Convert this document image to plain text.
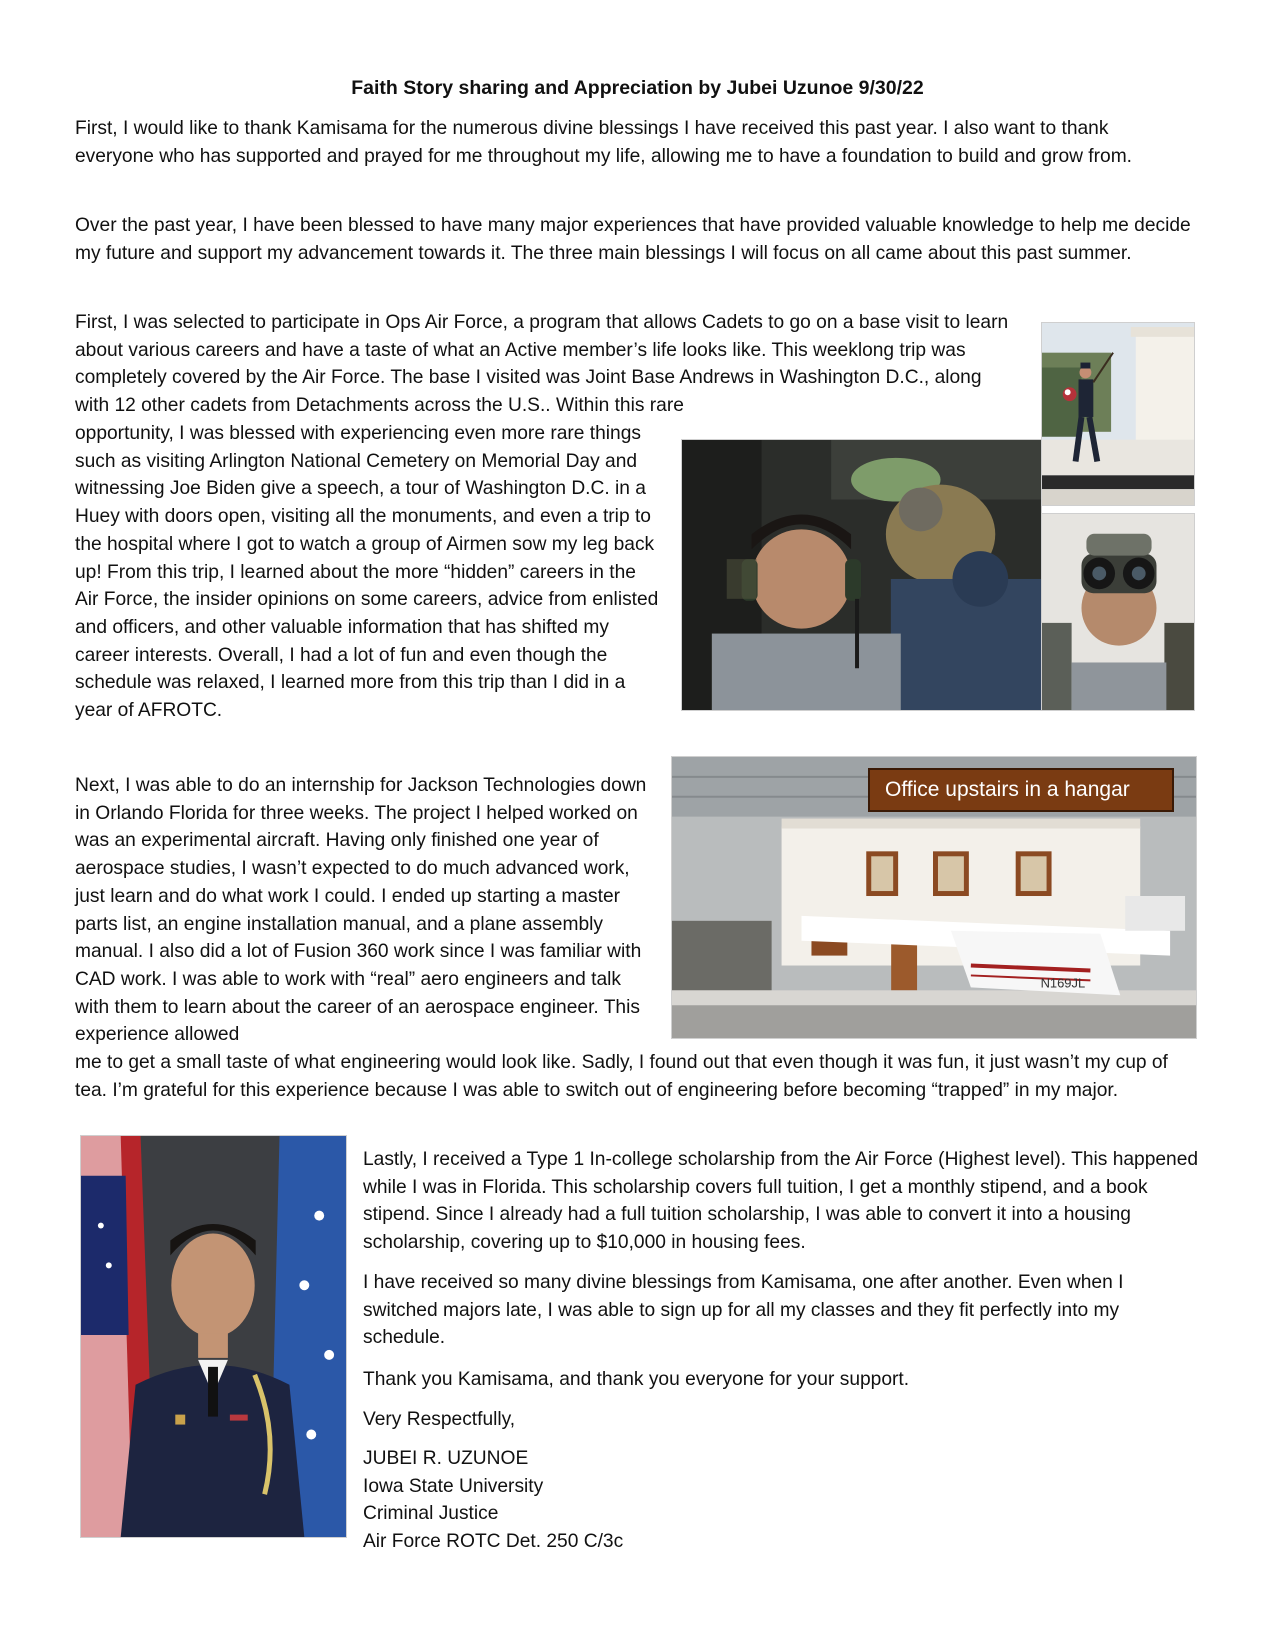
Faith Story sharing and Appreciation by Jubei Uzunoe 9/30/22

First, I would like to thank Kamisama for the numerous divine blessings I have received this past year. I also want to thank everyone who has supported and prayed for me throughout my life, allowing me to have a foundation to build and grow from.

Over the past year, I have been blessed to have many major experiences that have provided valuable knowledge to help me decide my future and support my advancement towards it. The three main blessings I will focus on all came about this past summer.

First, I was selected to participate in Ops Air Force, a program that allows Cadets to go on a base visit to learn about various careers and have a taste of what an Active member’s life looks like. This weeklong trip was completely covered by the Air Force. The base I visited was Joint Base Andrews in Washington D.C., along with 12 other cadets from Detachments across the U.S.. Within this rare

opportunity, I was blessed with experiencing even more rare things such as visiting Arlington National Cemetery on Memorial Day and witnessing Joe Biden give a speech, a tour of Washington D.C. in a Huey with doors open, visiting all the monuments, and even a trip to the hospital where I got to watch a group of Airmen sow my leg back up! From this trip, I learned about the more “hidden” careers in the Air Force, the insider opinions on some careers, advice from enlisted and officers, and other valuable information that has shifted my career interests. Overall, I had a lot of fun and even though the schedule was relaxed, I learned more from this trip than I did in a year of AFROTC.

Next, I was able to do an internship for Jackson Technologies down in Orlando Florida for three weeks. The project I helped worked on was an experimental aircraft. Having only finished one year of aerospace studies, I wasn’t expected to do much advanced work, just learn and do what work I could. I ended up starting a master parts list, an engine installation manual, and a plane assembly manual. I also did a lot of Fusion 360 work since I was familiar with CAD work. I was able to work with “real” aero engineers and talk with them to learn about the career of an aerospace engineer. This experience allowed

me to get a small taste of what engineering would look like. Sadly, I found out that even though it was fun, it just wasn’t my cup of tea. I’m grateful for this experience because I was able to switch out of engineering before becoming “trapped” in my major.

Lastly, I received a Type 1 In-college scholarship from the Air Force (Highest level). This happened while I was in Florida. This scholarship covers full tuition, I get a monthly stipend, and a book stipend. Since I already had a full tuition scholarship, I was able to convert it into a housing scholarship, covering up to $10,000 in housing fees.

I have received so many divine blessings from Kamisama, one after another. Even when I switched majors late, I was able to sign up for all my classes and they fit perfectly into my schedule.

Thank you Kamisama, and thank you everyone for your support.

Very Respectfully,

JUBEI R. UZUNOE
Iowa State University
Criminal Justice
Air Force ROTC Det. 250 C/3c
N169JL
Office upstairs in a hangar
